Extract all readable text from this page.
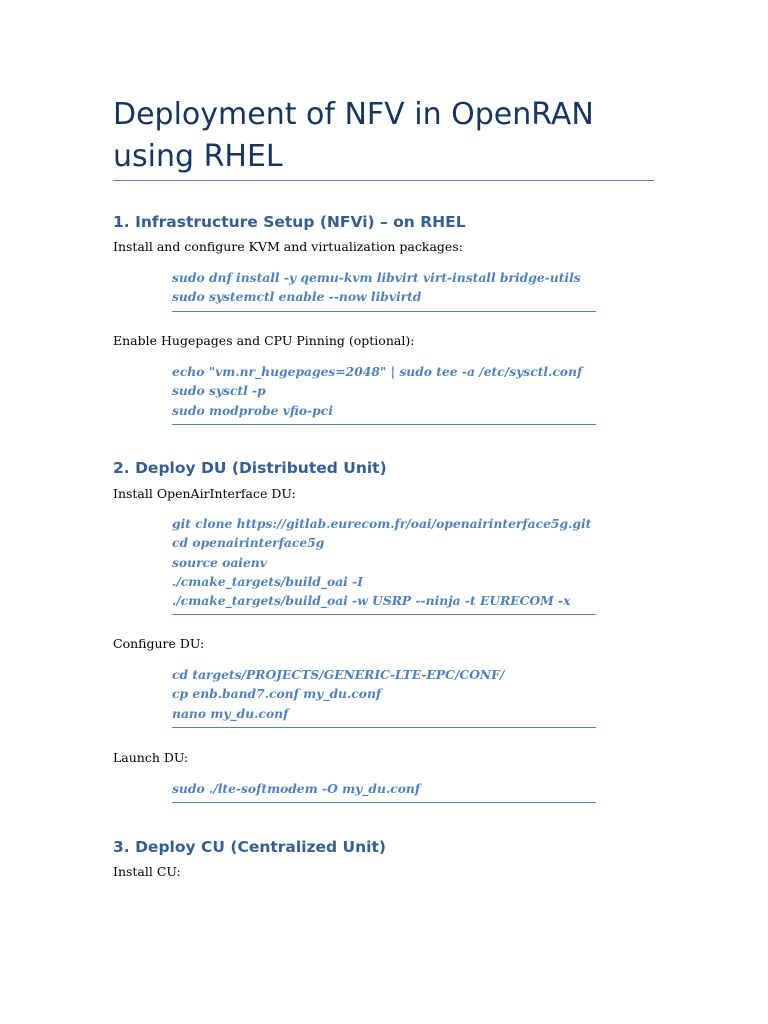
Deployment of NFV in OpenRAN using RHEL
1. Infrastructure Setup (NFVi) – on RHEL

Install and configure KVM and virtualization packages:

sudo dnf install -y qemu-kvm libvirt virt-install bridge-utils
sudo systemctl enable --now libvirtd

Enable Hugepages and CPU Pinning (optional):

echo "vm.nr_hugepages=2048" | sudo tee -a /etc/sysctl.conf
sudo sysctl -p
sudo modprobe vfio-pci
2. Deploy DU (Distributed Unit)

Install OpenAirInterface DU:

git clone https://gitlab.eurecom.fr/oai/openairinterface5g.git
cd openairinterface5g
source oaienv
./cmake_targets/build_oai -I
./cmake_targets/build_oai -w USRP --ninja -t EURECOM -x

Configure DU:

cd targets/PROJECTS/GENERIC-LTE-EPC/CONF/
cp enb.band7.conf my_du.conf
nano my_du.conf

Launch DU:

sudo ./lte-softmodem -O my_du.conf
3. Deploy CU (Centralized Unit)

Install CU:
